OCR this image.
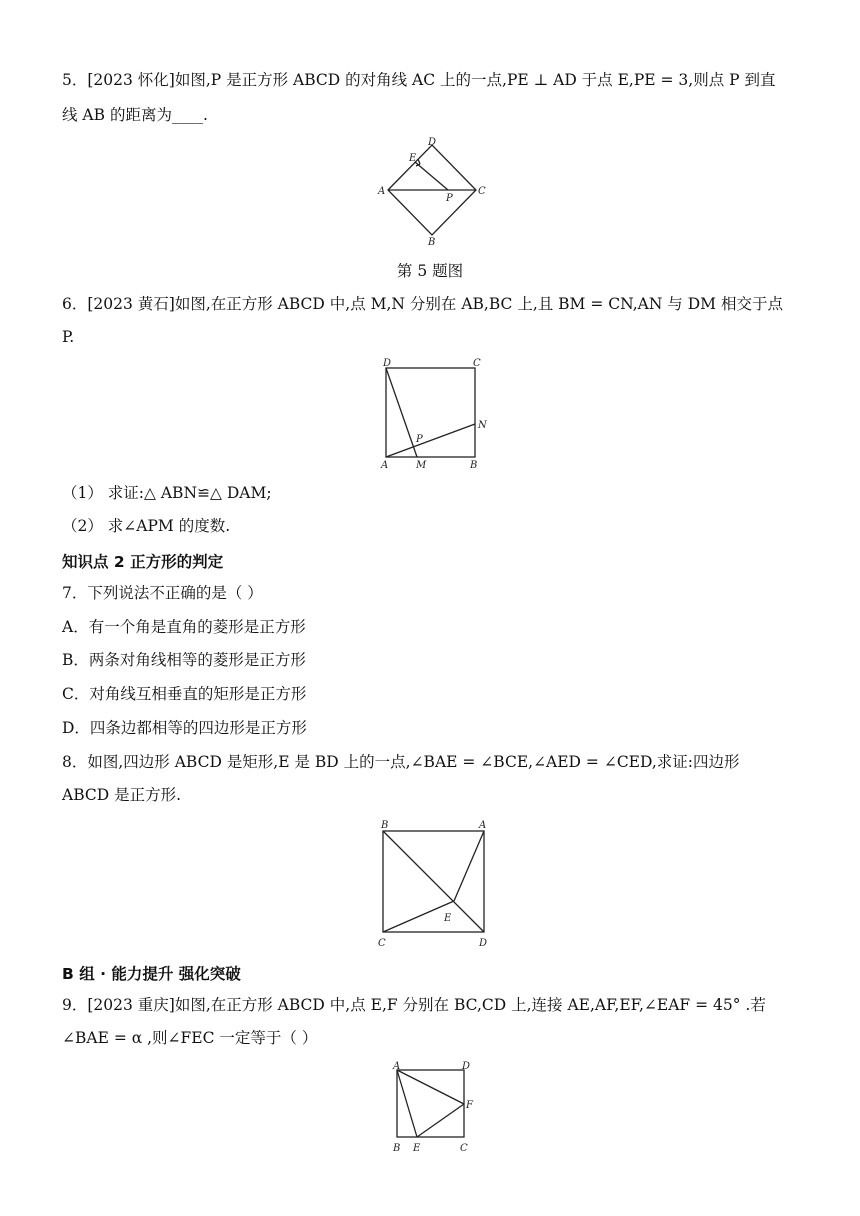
5．[2023 怀化]如图,P 是正方形 ABCD 的对角线 AC 上的一点,PE ⊥ AD 于点 E,PE = 3,则点 P 到直
线 AB 的距离为____.
D
E
A
P
C
B
第 5 题图
6．[2023 黄石]如图,在正方形 ABCD 中,点 M,N 分别在 AB,BC 上,且 BM = CN,AN 与 DM 相交于点
P.
D	C
N
P
A	M	B
（1） 求证:△ ABN≌△ DAM;
（2） 求∠APM 的度数.
知识点 2 正方形的判定
7．下列说法不正确的是（ ）
A．有一个角是直角的菱形是正方形
B．两条对角线相等的菱形是正方形
C．对角线互相垂直的矩形是正方形
D．四条边都相等的四边形是正方形
8．如图,四边形 ABCD 是矩形,E 是 BD 上的一点,∠BAE = ∠BCE,∠AED = ∠CED,求证:四边形
ABCD 是正方形.
B	A
E
C	D
B 组 · 能力提升 强化突破
9．[2023 重庆]如图,在正方形 ABCD 中,点 E,F 分别在 BC,CD 上,连接 AE,AF,EF,∠EAF = 45° .若
∠BAE = α ,则∠FEC 一定等于（ ）
A	D
F
B E	C
